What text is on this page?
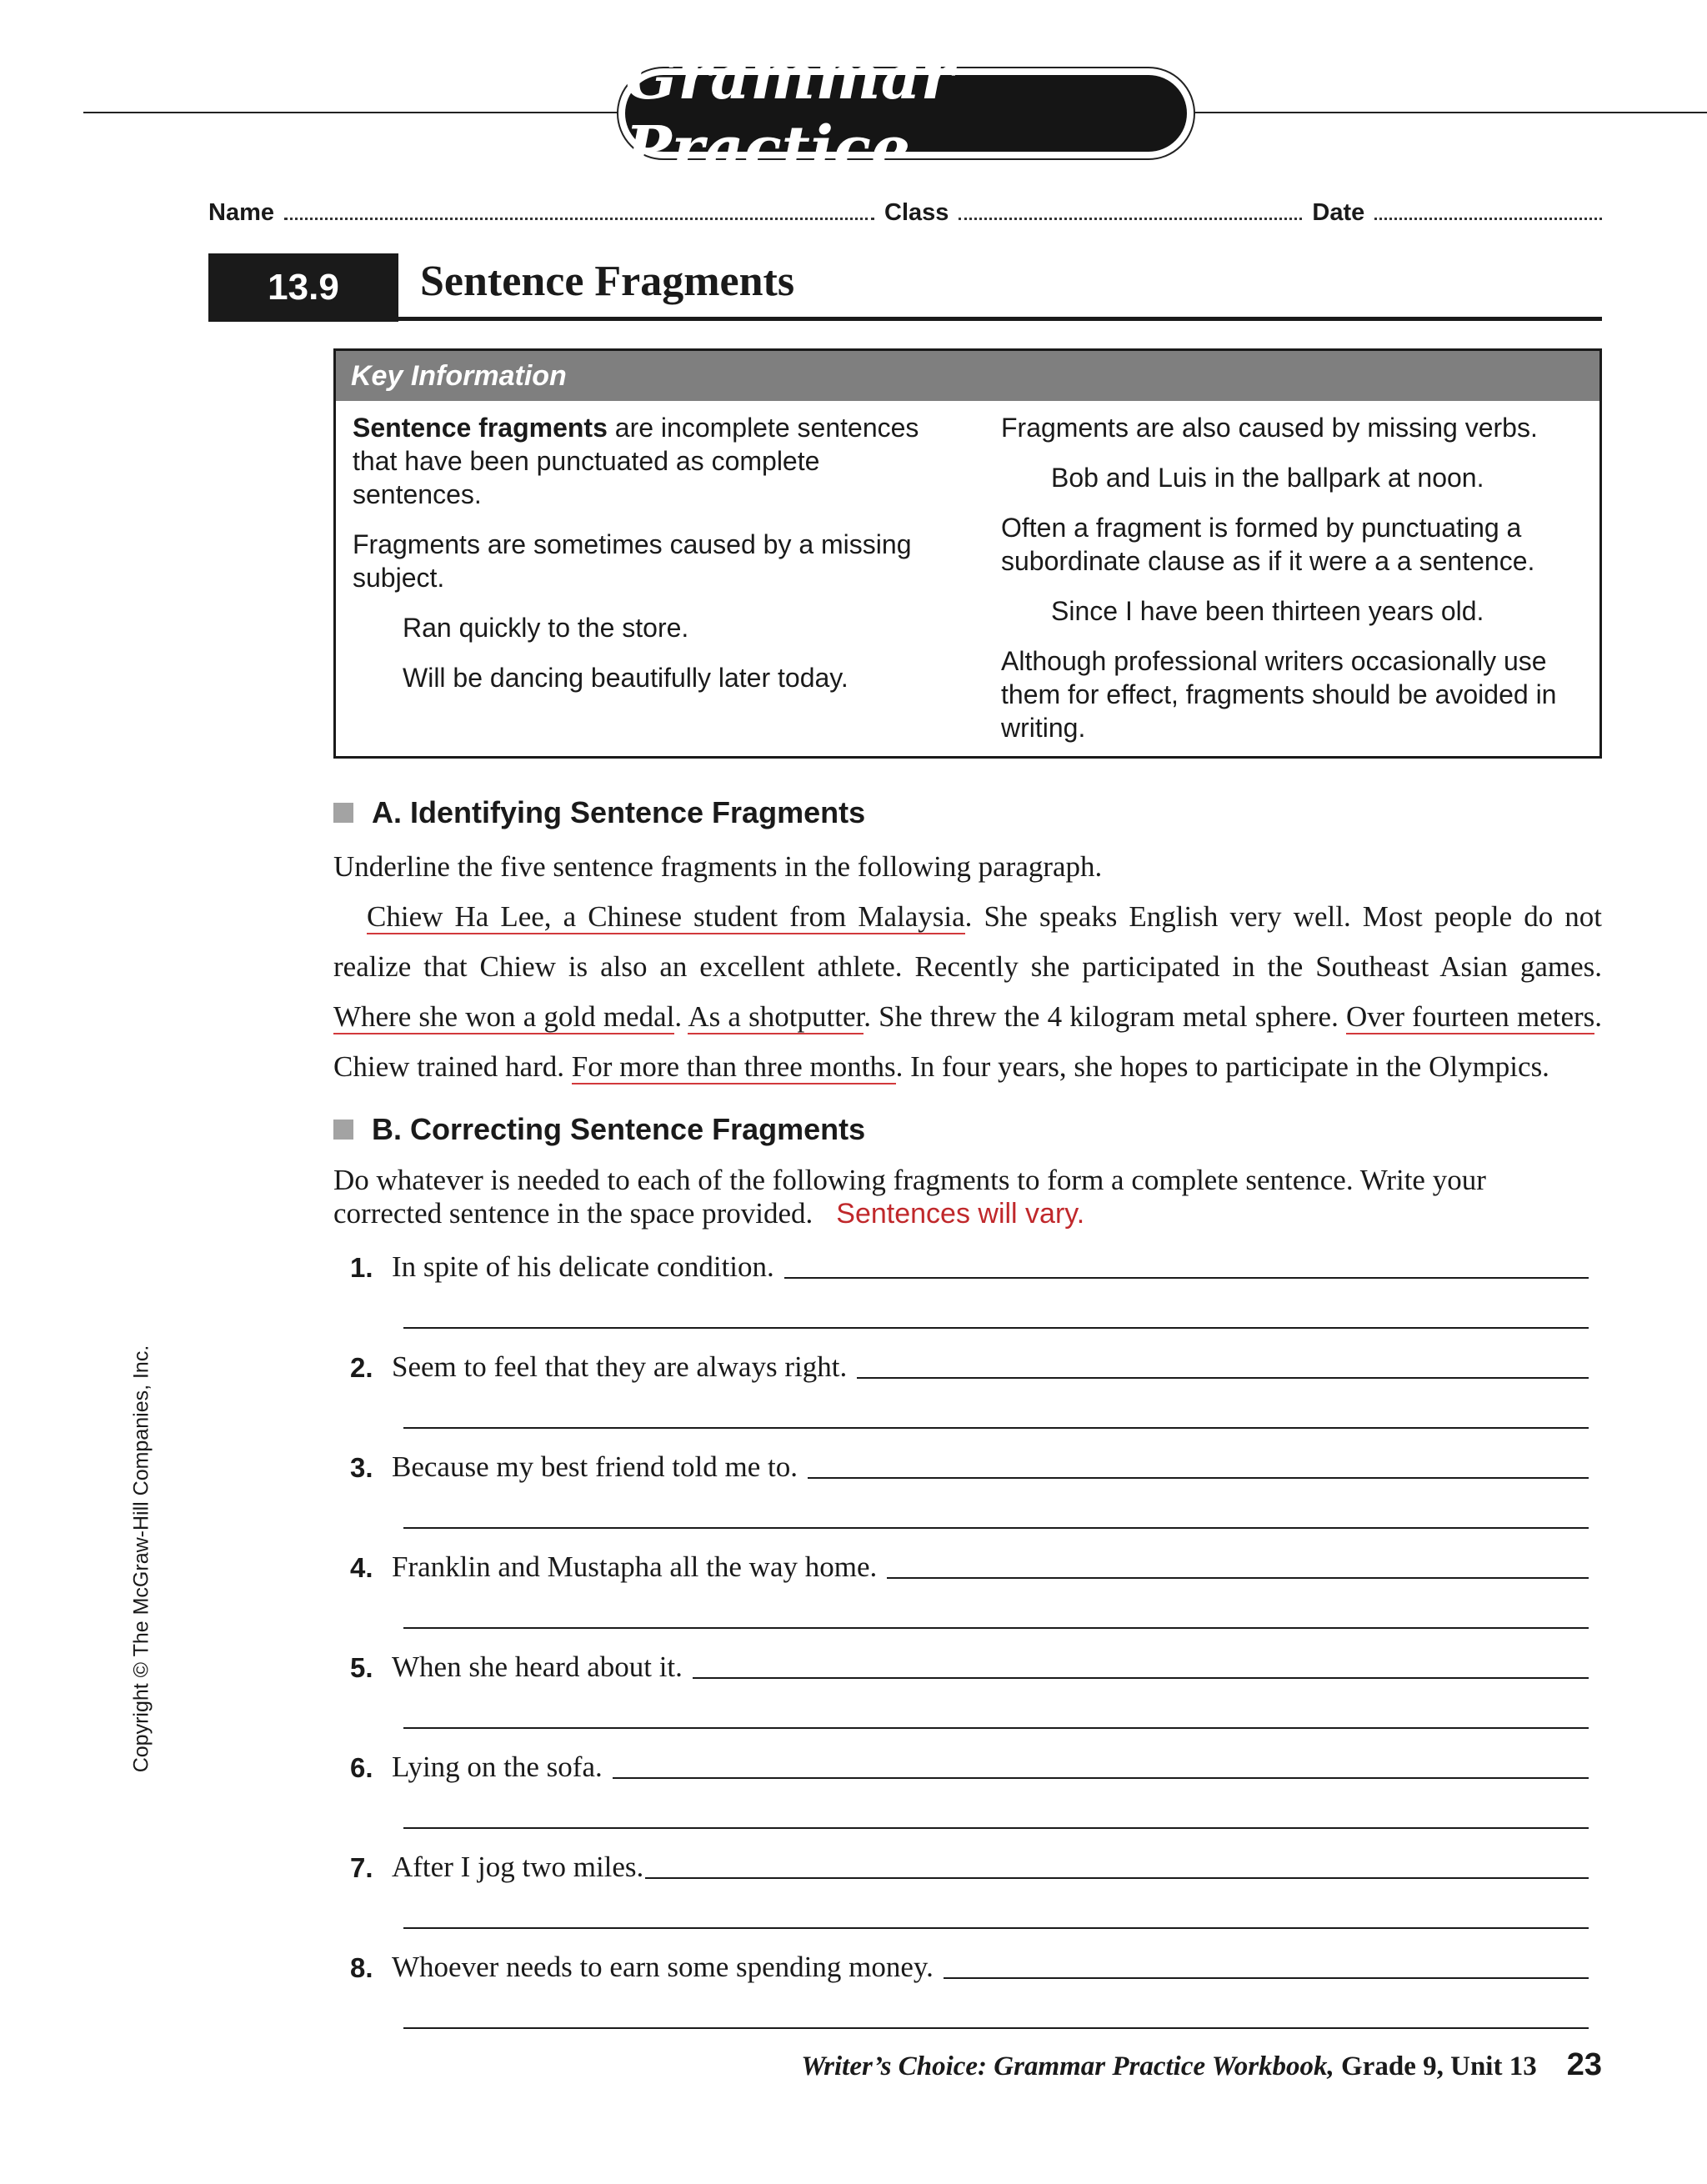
Grammar Practice
Name	Class	Date
13.9	Sentence Fragments
Key Information

Sentence fragments are incomplete sentences that have been punctuated as complete sentences.

Fragments are sometimes caused by a missing subject.

Ran quickly to the store.

Will be dancing beautifully later today.

Fragments are also caused by missing verbs.

Bob and Luis in the ballpark at noon.

Often a fragment is formed by punctuating a subordinate clause as if it were a a sentence.

Since I have been thirteen years old.

Although professional writers occasionally use them for effect, fragments should be avoided in writing.

A. Identifying Sentence Fragments
Underline the five sentence fragments in the following paragraph.
Chiew Ha Lee, a Chinese student from Malaysia. She speaks English very well. Most people do not realize that Chiew is also an excellent athlete. Recently she participated in the Southeast Asian games. Where she won a gold medal. As a shotputter. She threw the 4 kilogram metal sphere. Over fourteen meters. Chiew trained hard. For more than three months. In four years, she hopes to participate in the Olympics.
B. Correcting Sentence Fragments
Do whatever is needed to each of the following fragments to form a complete sentence. Write your corrected sentence in the space provided. Sentences will vary.
1. In spite of his delicate condition.
2. Seem to feel that they are always right.
3. Because my best friend told me to.
4. Franklin and Mustapha all the way home.
5. When she heard about it.
6. Lying on the sofa.
7. After I jog two miles.
8. Whoever needs to earn some spending money.
Copyright © The McGraw-Hill Companies, Inc.
Writer’s Choice: Grammar Practice Workbook, Grade 9, Unit 13 23
